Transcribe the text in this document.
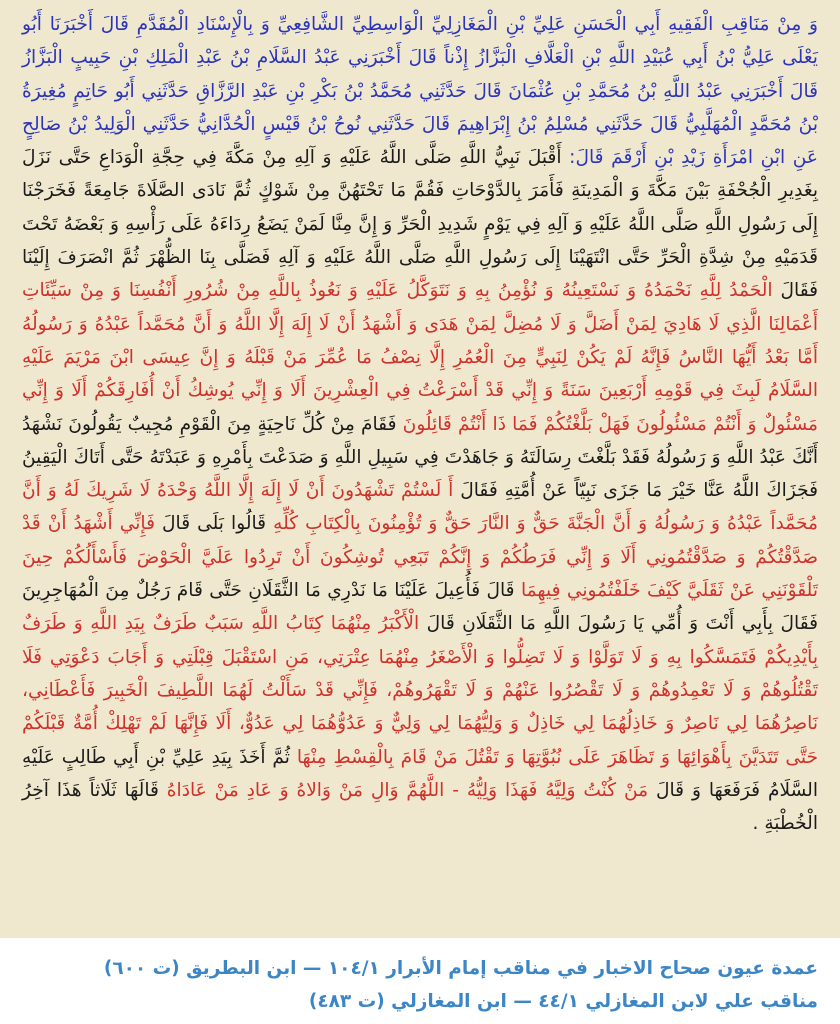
وَ مِنْ مَنَاقِبِ الْفَقِيهِ أَبِي الْحَسَنِ عَلِيِّ بْنِ الْمَغَازِلِيِّ الْوَاسِطِيِّ الشَّافِعِيِّ وَ بِالْإِسْنَادِ الْمُقَدَّمِ قَالَ أَخْبَرَنَا أَبُو يَعْلَى عَلِيُّ بْنُ أَبِي عُبَيْدِ اللَّهِ بْنِ الْعَلَّافِ الْبَزَّازُ إِذْناً قَالَ أَخْبَرَنِي عَبْدُ السَّلَامِ بْنُ عَبْدِ الْمَلِكِ بْنِ حَبِيبٍ الْبَزَّازُ قَالَ أَخْبَرَنِي عَبْدُ اللَّهِ بْنُ مُحَمَّدِ بْنِ عُثْمَانَ قَالَ حَدَّثَنِي مُحَمَّدُ بْنُ بَكْرِ بْنِ عَبْدِ الرَّزَّاقِ حَدَّثَنِي أَبُو حَاتِمٍ مُغِيرَةُ بْنُ مُحَمَّدٍ الْمُهَلَّبِيُّ قَالَ حَدَّثَنِي مُسْلِمُ بْنُ إِبْرَاهِيمَ قَالَ حَدَّثَنِي نُوحُ بْنُ قَيْسٍ الْحُدَّانِيُّ حَدَّثَنِي الْوَلِيدُ بْنُ صَالِحٍ عَنِ ابْنِ امْرَأَةِ زَيْدِ بْنِ أَرْقَمَ قَالَ: أَقْبَلَ نَبِيُّ اللَّهِ صَلَّى اللَّهُ عَلَيْهِ وَ آلِهِ مِنْ مَكَّةَ فِي حِجَّةِ الْوَدَاعِ حَتَّى نَزَلَ بِغَدِيرِ الْجُحْفَةِ بَيْنَ مَكَّةَ وَ الْمَدِينَةِ فَأَمَرَ بِالدَّوْحَاتِ فَقُمَّ مَا تَحْتَهُنَّ مِنْ شَوْكٍ ثُمَّ نَادَى الصَّلَاةَ جَامِعَةً فَخَرَجْنَا إِلَى رَسُولِ اللَّهِ صَلَّى اللَّهُ عَلَيْهِ وَ آلِهِ فِي يَوْمٍ شَدِيدِ الْحَرِّ وَ إِنَّ مِنَّا لَمَنْ يَضَعُ رِدَاءَهُ عَلَى رَأْسِهِ وَ بَعْضَهُ تَحْتَ قَدَمَيْهِ مِنْ شِدَّةِ الْحَرِّ حَتَّى انْتَهَيْنَا إِلَى رَسُولِ اللَّهِ صَلَّى اللَّهُ عَلَيْهِ وَ آلِهِ فَصَلَّى بِنَا الظُّهْرَ ثُمَّ انْصَرَفَ إِلَيْنَا فَقَالَ الْحَمْدُ لِلَّهِ نَحْمَدُهُ وَ نَسْتَعِينُهُ وَ نُؤْمِنُ بِهِ وَ نَتَوَكَّلُ عَلَيْهِ وَ نَعُوذُ بِاللَّهِ مِنْ شُرُورِ أَنْفُسِنَا وَ مِنْ سَيِّئَاتِ أَعْمَالِنَا الَّذِي لَا هَادِيَ لِمَنْ أَضَلَّ وَ لَا مُضِلَّ لِمَنْ هَدَى وَ أَشْهَدُ أَنْ لَا إِلَهَ إِلَّا اللَّهُ وَ أَنَّ مُحَمَّداً عَبْدُهُ وَ رَسُولُهُ أَمَّا بَعْدُ أَيُّهَا النَّاسُ فَإِنَّهُ لَمْ يَكُنْ لِنَبِيٍّ مِنَ الْعُمُرِ إِلَّا نِصْفُ مَا عُمِّرَ مَنْ قَبْلَهُ وَ إِنَّ عِيسَى ابْنَ مَرْيَمَ عَلَيْهِ السَّلَامُ لَبِثَ فِي قَوْمِهِ أَرْبَعِينَ سَنَةً وَ إِنِّي قَدْ أَسْرَعْتُ فِي الْعِشْرِينَ أَلَا وَ إِنِّي يُوشِكُ أَنْ أُفَارِقَكُمْ أَلَا وَ إِنِّي مَسْئُولٌ وَ أَنْتُمْ مَسْئُولُونَ فَهَلْ بَلَّغْتُكُمْ فَمَا ذَا أَنْتُمْ قَائِلُونَ فَقَامَ مِنْ كُلِّ نَاحِيَةٍ مِنَ الْقَوْمِ مُجِيبٌ يَقُولُونَ نَشْهَدُ أَنَّكَ عَبْدُ اللَّهِ وَ رَسُولُهُ فَقَدْ بَلَّغْتَ رِسَالَتَهُ وَ جَاهَدْتَ فِي سَبِيلِ اللَّهِ وَ صَدَعْتَ بِأَمْرِهِ وَ عَبَدْتَهُ حَتَّى أَتَاكَ الْيَقِينُ فَجَزَاكَ اللَّهُ عَنَّا خَيْرَ مَا جَزَى نَبِيّاً عَنْ أُمَّتِهِ فَقَالَ أَ لَسْتُمْ تَشْهَدُونَ أَنْ لَا إِلَهَ إِلَّا اللَّهُ وَحْدَهُ لَا شَرِيكَ لَهُ وَ أَنَّ مُحَمَّداً عَبْدُهُ وَ رَسُولُهُ وَ أَنَّ الْجَنَّةَ حَقٌّ وَ النَّارَ حَقٌّ وَ تُؤْمِنُونَ بِالْكِتَابِ كُلِّهِ قَالُوا بَلَى قَالَ فَإِنِّي أَشْهَدُ أَنْ قَدْ صَدَّقْتُكُمْ وَ صَدَّقْتُمُونِي أَلَا وَ إِنِّي فَرَطُكُمْ وَ إِنَّكُمْ تَبَعِي تُوشِكُونَ أَنْ تَرِدُوا عَلَيَّ الْحَوْضَ فَأَسْأَلُكُمْ حِينَ تَلْقَوْنَنِي عَنْ ثَقَلَيَّ كَيْفَ خَلَفْتُمُونِي فِيهِمَا قَالَ فَأُعِيلَ عَلَيْنَا مَا نَدْرِي مَا الثَّقَلَانِ حَتَّى قَامَ رَجُلٌ مِنَ الْمُهَاجِرِينَ فَقَالَ بِأَبِي أَنْتَ وَ أُمِّي يَا رَسُولَ اللَّهِ مَا الثَّقَلَانِ قَالَ الْأَكْبَرُ مِنْهُمَا كِتَابُ اللَّهِ سَبَبٌ طَرَفٌ بِيَدِ اللَّهِ وَ طَرَفٌ بِأَيْدِيكُمْ فَتَمَسَّكُوا بِهِ وَ لَا تَوَلَّوْا وَ لَا تَضِلُّوا وَ الْأَصْغَرُ مِنْهُمَا عِتْرَتِي، مَنِ اسْتَقْبَلَ قِبْلَتِي وَ أَجَابَ دَعْوَتِي فَلَا تَقْتُلُوهُمْ وَ لَا تَعْمِدُوهُمْ وَ لَا تَقْصُرُوا عَنْهُمْ وَ لَا تَقْهَرُوهُمْ، فَإِنِّي قَدْ سَأَلْتُ لَهُمَا اللَّطِيفَ الْخَبِيرَ فَأَعْطَانِي، نَاصِرُهُمَا لِي نَاصِرٌ وَ خَاذِلُهُمَا لِي خَاذِلٌ وَ وَلِيُّهُمَا لِي وَلِيٌّ وَ عَدُوُّهُمَا لِي عَدُوٌّ، أَلَا فَإِنَّهَا لَمْ تَهْلِكْ أُمَّةٌ قَبْلَكُمْ حَتَّى تَتَدَيَّنَ بِأَهْوَائِهَا وَ تَظَاهَرَ عَلَى نُبُوَّتِهَا وَ تَقْتُلَ مَنْ قَامَ بِالْقِسْطِ مِنْهَا ثُمَّ أَخَذَ بِيَدِ عَلِيِّ بْنِ أَبِي طَالِبٍ عَلَيْهِ السَّلَامُ فَرَفَعَهَا وَ قَالَ مَنْ كُنْتُ وَلِيَّهُ فَهَذَا وَلِيُّهُ - اللَّهُمَّ وَالِ مَنْ وَالاهُ وَ عَادِ مَنْ عَادَاهُ قَالَهَا ثَلَاثاً هَذَا آخِرُ الْخُطْبَةِ .
عمدة عيون صحاح الاخبار في مناقب إمام الأبرار ١٠٤/١ — ابن البطريق (ت ٦٠٠)
مناقب علي لابن المغازلي ٤٤/١ — ابن المغازلي (ت ٤٨٣)
